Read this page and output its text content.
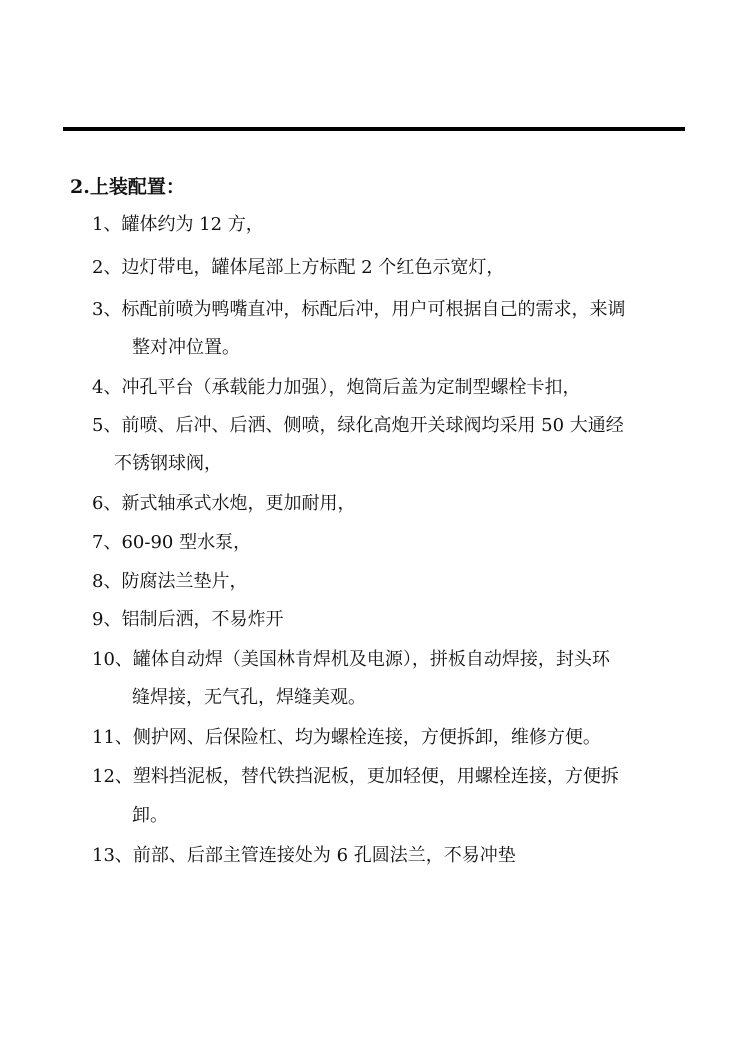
2.上装配置：
1、罐体约为 12 方，
2、边灯带电，罐体尾部上方标配 2 个红色示宽灯，
3、标配前喷为鸭嘴直冲，标配后冲，用户可根据自己的需求，来调
整对冲位置。
4、冲孔平台（承载能力加强），炮筒后盖为定制型螺栓卡扣，
5、前喷、后冲、后洒、侧喷，绿化高炮开关球阀均采用 50 大通经
不锈钢球阀，
6、新式轴承式水炮，更加耐用，
7、60-90 型水泵，
8、防腐法兰垫片，
9、铝制后洒，不易炸开
10、罐体自动焊（美国林肯焊机及电源），拼板自动焊接，封头环
缝焊接，无气孔，焊缝美观。
11、侧护网、后保险杠、均为螺栓连接，方便拆卸，维修方便。
12、塑料挡泥板，替代铁挡泥板，更加轻便，用螺栓连接，方便拆
卸。
13、前部、后部主管连接处为 6 孔圆法兰，不易冲垫
